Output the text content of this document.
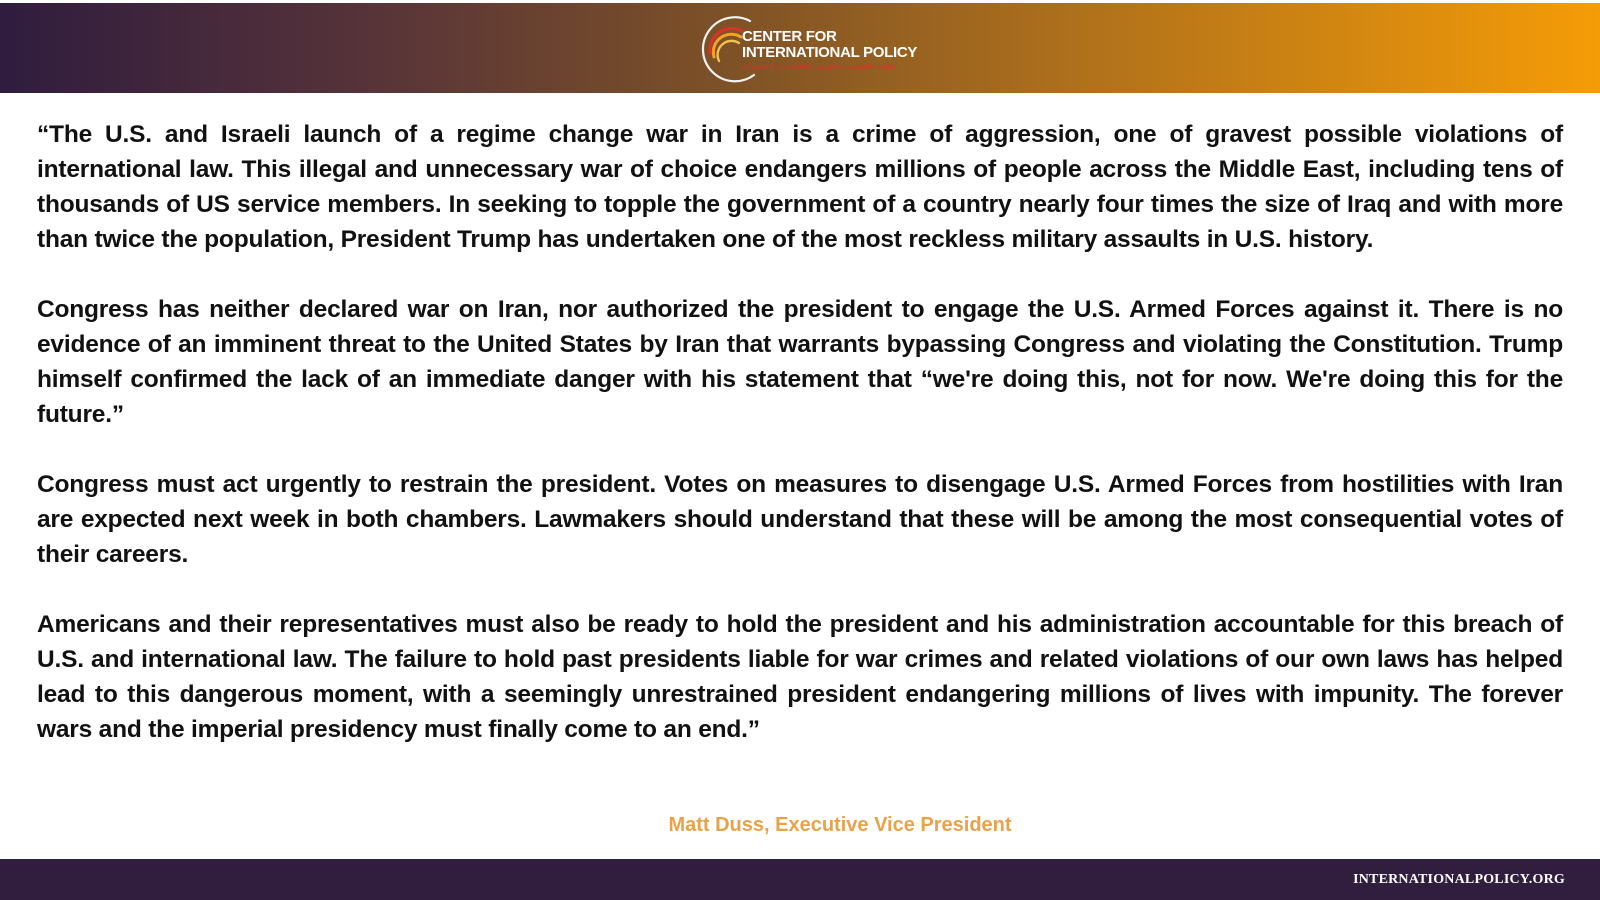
CENTER FOR
INTERNATIONAL POLICY
Advancing a peaceful, just and sustainable world

“The U.S. and Israeli launch of a regime change war in Iran is a crime of aggression, one of gravest possible violations of international law. This illegal and unnecessary war of choice endangers millions of people across the Middle East, including tens of thousands of US service members. In seeking to topple the government of a country nearly four times the size of Iraq and with more than twice the population, President Trump has undertaken one of the most reckless military assaults in U.S. history.

Congress has neither declared war on Iran, nor authorized the president to engage the U.S. Armed Forces against it. There is no evidence of an imminent threat to the United States by Iran that warrants bypassing Congress and violating the Constitution. Trump himself confirmed the lack of an immediate danger with his statement that “we're doing this, not for now. We're doing this for the future.”

Congress must act urgently to restrain the president. Votes on measures to disengage U.S. Armed Forces from hostilities with Iran are expected next week in both chambers. Lawmakers should understand that these will be among the most consequential votes of their careers.

Americans and their representatives must also be ready to hold the president and his administration accountable for this breach of U.S. and international law. The failure to hold past presidents liable for war crimes and related violations of our own laws has helped lead to this dangerous moment, with a seemingly unrestrained president endangering millions of lives with impunity. The forever wars and the imperial presidency must finally come to an end.”

Matt Duss, Executive Vice President
INTERNATIONALPOLICY.ORG
